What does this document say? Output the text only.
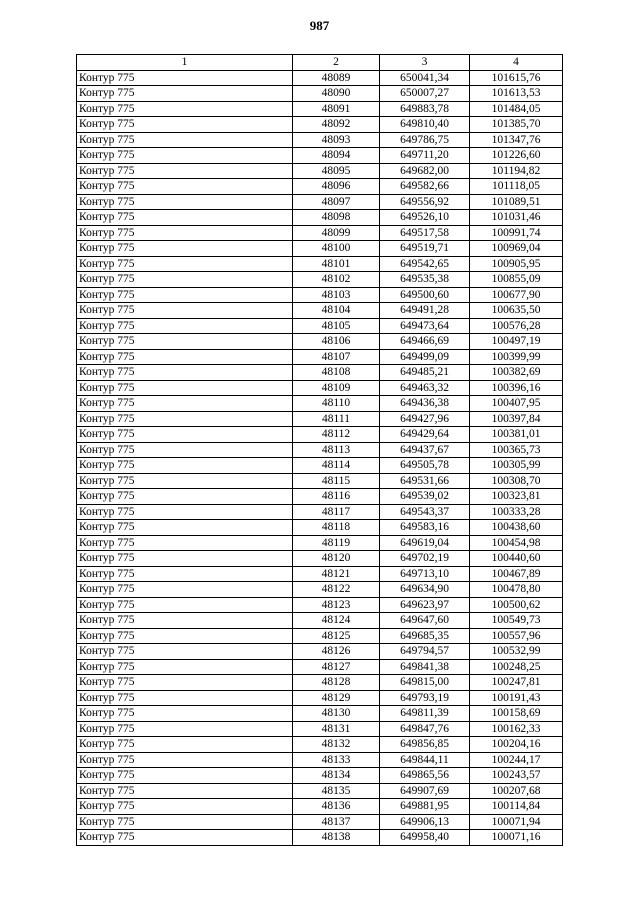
987
1	2	3	4
Контур 775	48089	650041,34	101615,76
Контур 775	48090	650007,27	101613,53
Контур 775	48091	649883,78	101484,05
Контур 775	48092	649810,40	101385,70
Контур 775	48093	649786,75	101347,76
Контур 775	48094	649711,20	101226,60
Контур 775	48095	649682,00	101194,82
Контур 775	48096	649582,66	101118,05
Контур 775	48097	649556,92	101089,51
Контур 775	48098	649526,10	101031,46
Контур 775	48099	649517,58	100991,74
Контур 775	48100	649519,71	100969,04
Контур 775	48101	649542,65	100905,95
Контур 775	48102	649535,38	100855,09
Контур 775	48103	649500,60	100677,90
Контур 775	48104	649491,28	100635,50
Контур 775	48105	649473,64	100576,28
Контур 775	48106	649466,69	100497,19
Контур 775	48107	649499,09	100399,99
Контур 775	48108	649485,21	100382,69
Контур 775	48109	649463,32	100396,16
Контур 775	48110	649436,38	100407,95
Контур 775	48111	649427,96	100397,84
Контур 775	48112	649429,64	100381,01
Контур 775	48113	649437,67	100365,73
Контур 775	48114	649505,78	100305,99
Контур 775	48115	649531,66	100308,70
Контур 775	48116	649539,02	100323,81
Контур 775	48117	649543,37	100333,28
Контур 775	48118	649583,16	100438,60
Контур 775	48119	649619,04	100454,98
Контур 775	48120	649702,19	100440,60
Контур 775	48121	649713,10	100467,89
Контур 775	48122	649634,90	100478,80
Контур 775	48123	649623,97	100500,62
Контур 775	48124	649647,60	100549,73
Контур 775	48125	649685,35	100557,96
Контур 775	48126	649794,57	100532,99
Контур 775	48127	649841,38	100248,25
Контур 775	48128	649815,00	100247,81
Контур 775	48129	649793,19	100191,43
Контур 775	48130	649811,39	100158,69
Контур 775	48131	649847,76	100162,33
Контур 775	48132	649856,85	100204,16
Контур 775	48133	649844,11	100244,17
Контур 775	48134	649865,56	100243,57
Контур 775	48135	649907,69	100207,68
Контур 775	48136	649881,95	100114,84
Контур 775	48137	649906,13	100071,94
Контур 775	48138	649958,40	100071,16
